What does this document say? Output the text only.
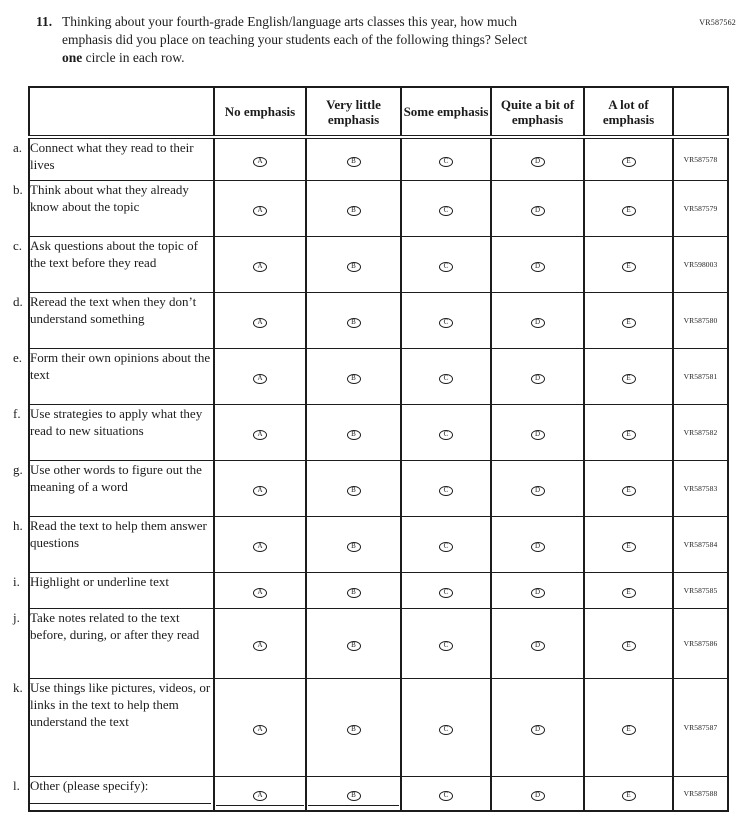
VR587562
11. Thinking about your fourth-grade English/language arts classes this year, how much
emphasis did you place on teaching your students each of the following things? Select
one circle in each row.
	No emphasis	Very little emphasis	Some emphasis	Quite a bit of emphasis	A lot of emphasis	
a. Connect what they read to their lives	A	B	C	D	E	VR587578
b. Think about what they already know about the topic	A	B	C	D	E	VR587579
c. Ask questions about the topic of the text before they read	A	B	C	D	E	VR598003
d. Reread the text when they don’t understand something	A	B	C	D	E	VR587580
e. Form their own opinions about the text	A	B	C	D	E	VR587581
f. Use strategies to apply what they read to new situations	A	B	C	D	E	VR587582
g. Use other words to figure out the meaning of a word	A	B	C	D	E	VR587583
h. Read the text to help them answer questions	A	B	C	D	E	VR587584
i. Highlight or underline text	A	B	C	D	E	VR587585
j. Take notes related to the text before, during, or after they read	A	B	C	D	E	VR587586
k. Use things like pictures, videos, or links in the text to help them understand the text	A	B	C	D	E	VR587587
l. Other (please specify):	A	B	C	D	E	VR587588
